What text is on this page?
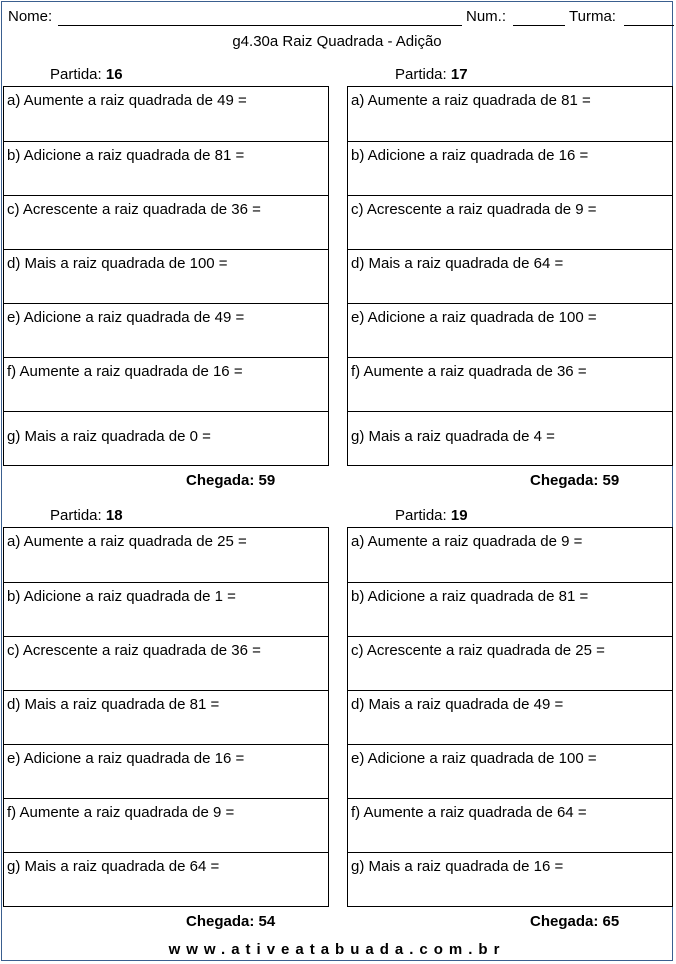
Nome:	Num.:	Turma:
g4.30a Raiz Quadrada - Adição
Partida: 16
a) Aumente a raiz quadrada de 49 =
b) Adicione a raiz quadrada de 81 =
c) Acrescente a raiz quadrada de 36 =
d) Mais a raiz quadrada de 100 =
e) Adicione a raiz quadrada de 49 =
f) Aumente a raiz quadrada de 16 =
g) Mais a raiz quadrada de 0 =
Chegada: 59
Partida: 17
a) Aumente a raiz quadrada de 81 =
b) Adicione a raiz quadrada de 16 =
c) Acrescente a raiz quadrada de 9 =
d) Mais a raiz quadrada de 64 =
e) Adicione a raiz quadrada de 100 =
f) Aumente a raiz quadrada de 36 =
g) Mais a raiz quadrada de 4 =
Chegada: 59
Partida: 18
a) Aumente a raiz quadrada de 25 =
b) Adicione a raiz quadrada de 1 =
c) Acrescente a raiz quadrada de 36 =
d) Mais a raiz quadrada de 81 =
e) Adicione a raiz quadrada de 16 =
f) Aumente a raiz quadrada de 9 =
g) Mais a raiz quadrada de 64 =
Chegada: 54
Partida: 19
a) Aumente a raiz quadrada de 9 =
b) Adicione a raiz quadrada de 81 =
c) Acrescente a raiz quadrada de 25 =
d) Mais a raiz quadrada de 49 =
e) Adicione a raiz quadrada de 100 =
f) Aumente a raiz quadrada de 64 =
g) Mais a raiz quadrada de 16 =
Chegada: 65
www.ativeatabuada.com.br
